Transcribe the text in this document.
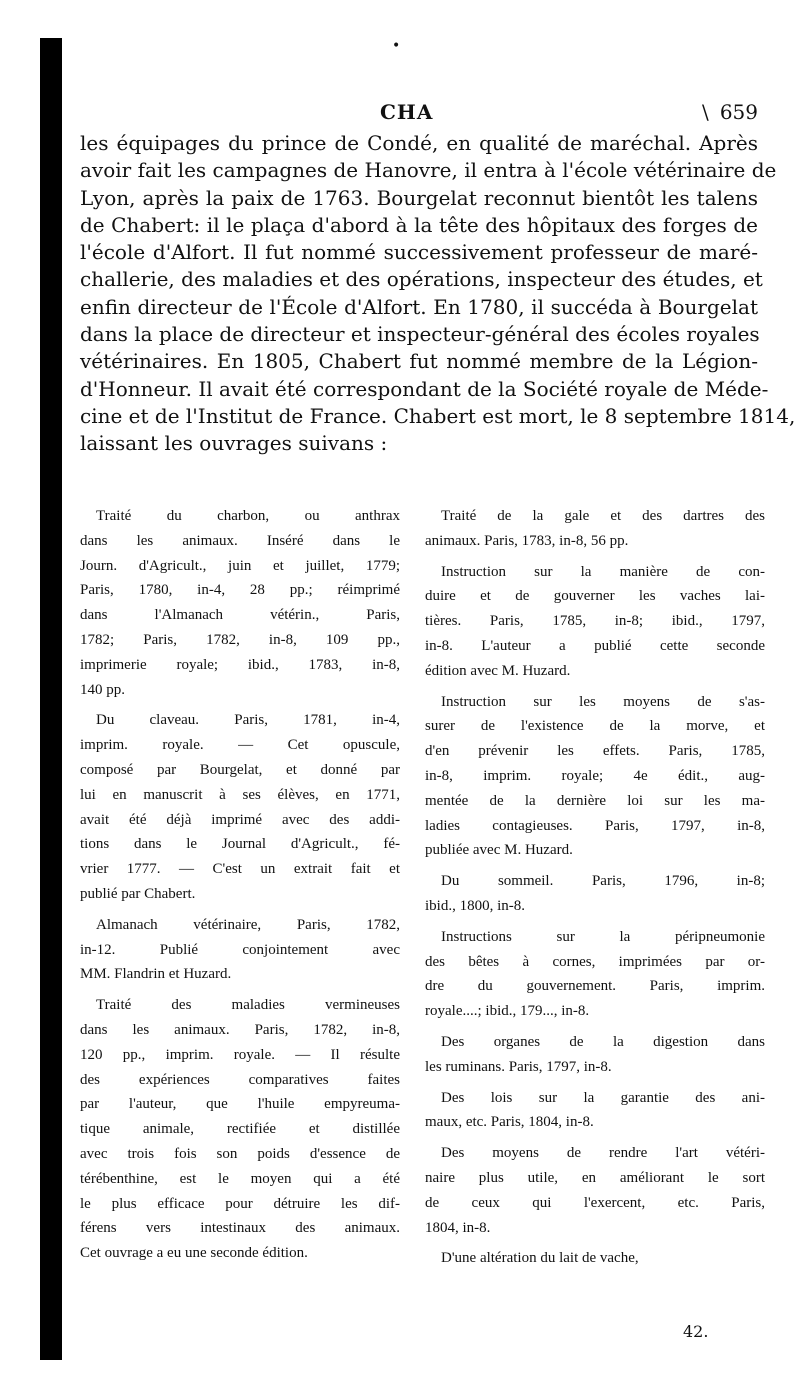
•
CHA	\ 659
les équipages du prince de Condé, en qualité de maréchal. Après
avoir fait les campagnes de Hanovre, il entra à l'école vétérinaire de
Lyon, après la paix de 1763. Bourgelat reconnut bientôt les talens
de Chabert: il le plaça d'abord à la tête des hôpitaux des forges de
l'école d'Alfort. Il fut nommé successivement professeur de maré-
challerie, des maladies et des opérations, inspecteur des études, et
enfin directeur de l'École d'Alfort. En 1780, il succéda à Bourgelat
dans la place de directeur et inspecteur-général des écoles royales
vétérinaires. En 1805, Chabert fut nommé membre de la Légion-
d'Honneur. Il avait été correspondant de la Société royale de Méde-
cine et de l'Institut de France. Chabert est mort, le 8 septembre 1814,
laissant les ouvrages suivans :

Traité du charbon, ou anthrax
dans les animaux. Inséré dans le
Journ. d'Agricult., juin et juillet, 1779;
Paris, 1780, in-4, 28 pp.; réimprimé
dans l'Almanach vétérin., Paris,
1782; Paris, 1782, in-8, 109 pp.,
imprimerie royale; ibid., 1783, in-8,
140 pp.

Du claveau. Paris, 1781, in-4,
imprim. royale. — Cet opuscule,
composé par Bourgelat, et donné par
lui en manuscrit à ses élèves, en 1771,
avait été déjà imprimé avec des addi-
tions dans le Journal d'Agricult., fé-
vrier 1777. — C'est un extrait fait et
publié par Chabert.

Almanach vétérinaire, Paris, 1782,
in-12. Publié conjointement avec
MM. Flandrin et Huzard.

Traité des maladies vermineuses
dans les animaux. Paris, 1782, in-8,
120 pp., imprim. royale. — Il résulte
des expériences comparatives faites
par l'auteur, que l'huile empyreuma-
tique animale, rectifiée et distillée
avec trois fois son poids d'essence de
térébenthine, est le moyen qui a été
le plus efficace pour détruire les dif-
férens vers intestinaux des animaux.
Cet ouvrage a eu une seconde édition.

Traité de la gale et des dartres des
animaux. Paris, 1783, in-8, 56 pp.

Instruction sur la manière de con-
duire et de gouverner les vaches lai-
tières. Paris, 1785, in-8; ibid., 1797,
in-8. L'auteur a publié cette seconde
édition avec M. Huzard.

Instruction sur les moyens de s'as-
surer de l'existence de la morve, et
d'en prévenir les effets. Paris, 1785,
in-8, imprim. royale; 4e édit., aug-
mentée de la dernière loi sur les ma-
ladies contagieuses. Paris, 1797, in-8,
publiée avec M. Huzard.

Du sommeil. Paris, 1796, in-8;
ibid., 1800, in-8.

Instructions sur la péripneumonie
des bêtes à cornes, imprimées par or-
dre du gouvernement. Paris, imprim.
royale....; ibid., 179..., in-8.

Des organes de la digestion dans
les ruminans. Paris, 1797, in-8.

Des lois sur la garantie des ani-
maux, etc. Paris, 1804, in-8.

Des moyens de rendre l'art vétéri-
naire plus utile, en améliorant le sort
de ceux qui l'exercent, etc. Paris,
1804, in-8.

D'une altération du lait de vache,

42.
